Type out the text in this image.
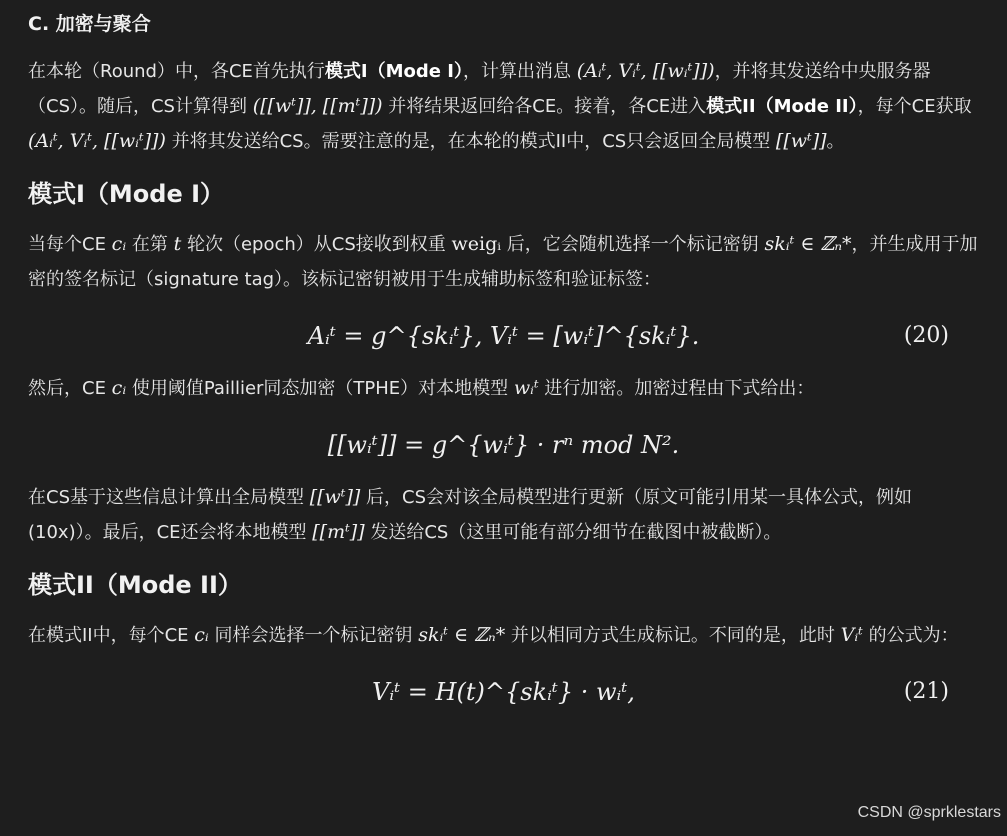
C. 加密与聚合
在本轮（Round）中，各CE首先执行模式I（Mode I），计算出消息 (Aᵢᵗ, Vᵢᵗ, [[wᵢᵗ]])，并将其发送给中央服务器（CS）。随后，CS计算得到 ([[wᵗ]], [[mᵗ]]) 并将结果返回给各CE。接着，各CE进入模式II（Mode II），每个CE获取 (Aᵢᵗ, Vᵢᵗ, [[wᵢᵗ]]) 并将其发送给CS。需要注意的是，在本轮的模式II中，CS只会返回全局模型 [[wᵗ]]。
模式I（Mode I）
当每个CE cᵢ 在第 t 轮次（epoch）从CS接收到权重 weigᵢ 后，它会随机选择一个标记密钥 skᵢᵗ ∈ ℤₙ*，并生成用于加密的签名标记（signature tag）。该标记密钥被用于生成辅助标签和验证标签：
Aᵢᵗ = g^{skᵢᵗ}, Vᵢᵗ = [wᵢᵗ]^{skᵢᵗ}.	(20)
然后，CE cᵢ 使用阈值Paillier同态加密（TPHE）对本地模型 wᵢᵗ 进行加密。加密过程由下式给出：
[[wᵢᵗ]] = g^{wᵢᵗ} · rⁿ mod N².
在CS基于这些信息计算出全局模型 [[wᵗ]] 后，CS会对该全局模型进行更新（原文可能引用某一具体公式，例如(10x)）。最后，CE还会将本地模型 [[mᵗ]] 发送给CS（这里可能有部分细节在截图中被截断）。
模式II（Mode II）
在模式II中，每个CE cᵢ 同样会选择一个标记密钥 skᵢᵗ ∈ ℤₙ* 并以相同方式生成标记。不同的是，此时 Vᵢᵗ 的公式为：
Vᵢᵗ = H(t)^{skᵢᵗ} · wᵢᵗ,	(21)
CSDN @sprklestars
